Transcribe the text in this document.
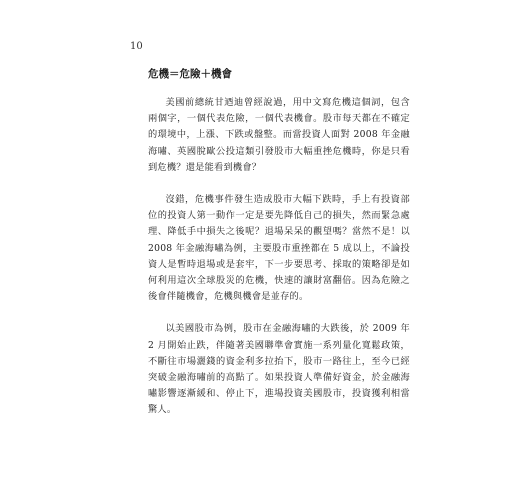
10
危機＝危險＋機會

美國前總統甘迺迪曾經說過，用中文寫危機這個詞，包含兩個字，一個代表危險，一個代表機會。股市每天都在不確定的環境中，上漲、下跌或盤整。而當投資人面對 2008 年金融海嘯、英國脫歐公投這類引發股市大幅重挫危機時，你是只看到危機？還是能看到機會？

沒錯，危機事件發生造成股市大幅下跌時，手上有投資部位的投資人第一動作一定是要先降低自己的損失，然而緊急處理、降低手中損失之後呢？退場呆呆的觀望嗎？當然不是！以 2008 年金融海嘯為例，主要股市重挫都在 5 成以上，不論投資人是暫時退場或是套牢，下一步要思考、採取的策略卻是如何利用這次全球股災的危機，快速的讓財富翻倍。因為危險之後會伴隨機會，危機與機會是並存的。

以美國股市為例，股市在金融海嘯的大跌後，於 2009 年 2 月開始止跌，伴隨著美國聯準會實施一系列量化寬鬆政策，不斷往市場灑錢的資金利多拉抬下，股市一路往上，至今已經突破金融海嘯前的高點了。如果投資人準備好資金，於金融海嘯影響逐漸緩和、停止下，進場投資美國股市，投資獲利相當驚人。
